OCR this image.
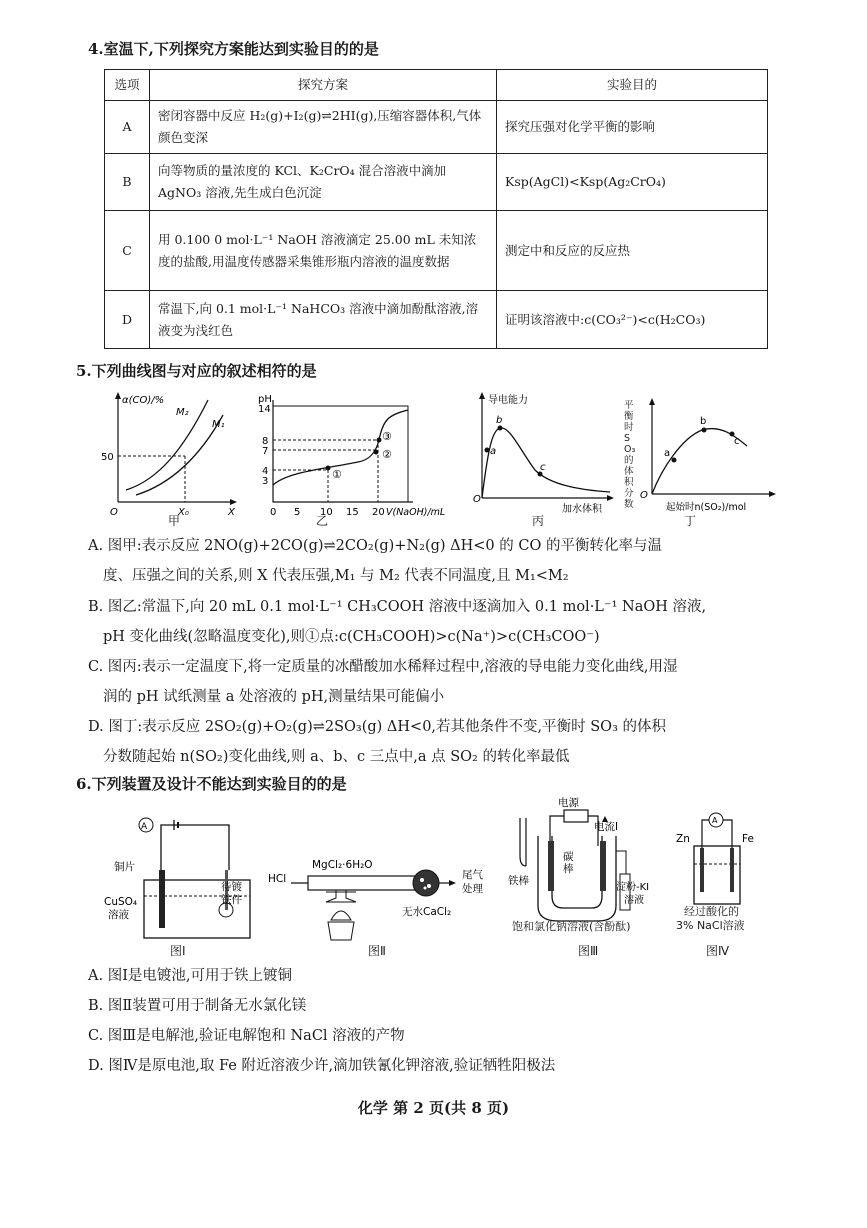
4.室温下,下列探究方案能达到实验目的的是
选项	探究方案	实验目的
A	密闭容器中反应 H₂(g)+I₂(g)⇌2HI(g),压缩容器体积,气体颜色变深	探究压强对化学平衡的影响
B	向等物质的量浓度的 KCl、K₂CrO₄ 混合溶液中滴加 AgNO₃ 溶液,先生成白色沉淀	Ksp(AgCl)<Ksp(Ag₂CrO₄)
C	用 0.100 0 mol·L⁻¹ NaOH 溶液滴定 25.00 mL 未知浓度的盐酸,用温度传感器采集锥形瓶内溶液的温度数据	测定中和反应的反应热
D	常温下,向 0.1 mol·L⁻¹ NaHCO₃ 溶液中滴加酚酞溶液,溶液变为浅红色	证明该溶液中:c(CO₃²⁻)<c(H₂CO₃)
5.下列曲线图与对应的叙述相符的是
α(CO)/%
M₂
M₁
50
O	X₀	X
甲
pH
14
8
7
4
3
0 5 10 15 20 V(NaOH)/mL
①
②
③
乙
导电能力
a
b
c
O
加水体积
丙
a
b
c
O
起始时n(SO₂)/mol
平衡时SO₃的体积分数
丁
A. 图甲:表示反应 2NO(g)+2CO(g)⇌2CO₂(g)+N₂(g) ΔH<0 的 CO 的平衡转化率与温
度、压强之间的关系,则 X 代表压强,M₁ 与 M₂ 代表不同温度,且 M₁<M₂
B. 图乙:常温下,向 20 mL 0.1 mol·L⁻¹ CH₃COOH 溶液中逐滴加入 0.1 mol·L⁻¹ NaOH 溶液,
pH 变化曲线(忽略温度变化),则①点:c(CH₃COOH)>c(Na⁺)>c(CH₃COO⁻)
C. 图丙:表示一定温度下,将一定质量的冰醋酸加水稀释过程中,溶液的导电能力变化曲线,用湿
润的 pH 试纸测量 a 处溶液的 pH,测量结果可能偏小
D. 图丁:表示反应 2SO₂(g)+O₂(g)⇌2SO₃(g) ΔH<0,若其他条件不变,平衡时 SO₃ 的体积
分数随起始 n(SO₂)变化曲线,则 a、b、c 三点中,a 点 SO₂ 的转化率最低
6.下列装置及设计不能达到实验目的的是
A
铜片
CuSO₄
溶液
待镀
铁件
图Ⅰ
HCl
MgCl₂·6H₂O
尾气
处理
无水CaCl₂
图Ⅱ
电源
电流I
碳
棒
铁棒
淀粉-KI
溶液
饱和氯化钠溶液(含酚酞)
图Ⅲ
A
Zn	Fe
经过酸化的
3% NaCl溶液
图Ⅳ
A. 图Ⅰ是电镀池,可用于铁上镀铜
B. 图Ⅱ装置可用于制备无水氯化镁
C. 图Ⅲ是电解池,验证电解饱和 NaCl 溶液的产物
D. 图Ⅳ是原电池,取 Fe 附近溶液少许,滴加铁氰化钾溶液,验证牺牲阳极法
化学 第 2 页(共 8 页)
